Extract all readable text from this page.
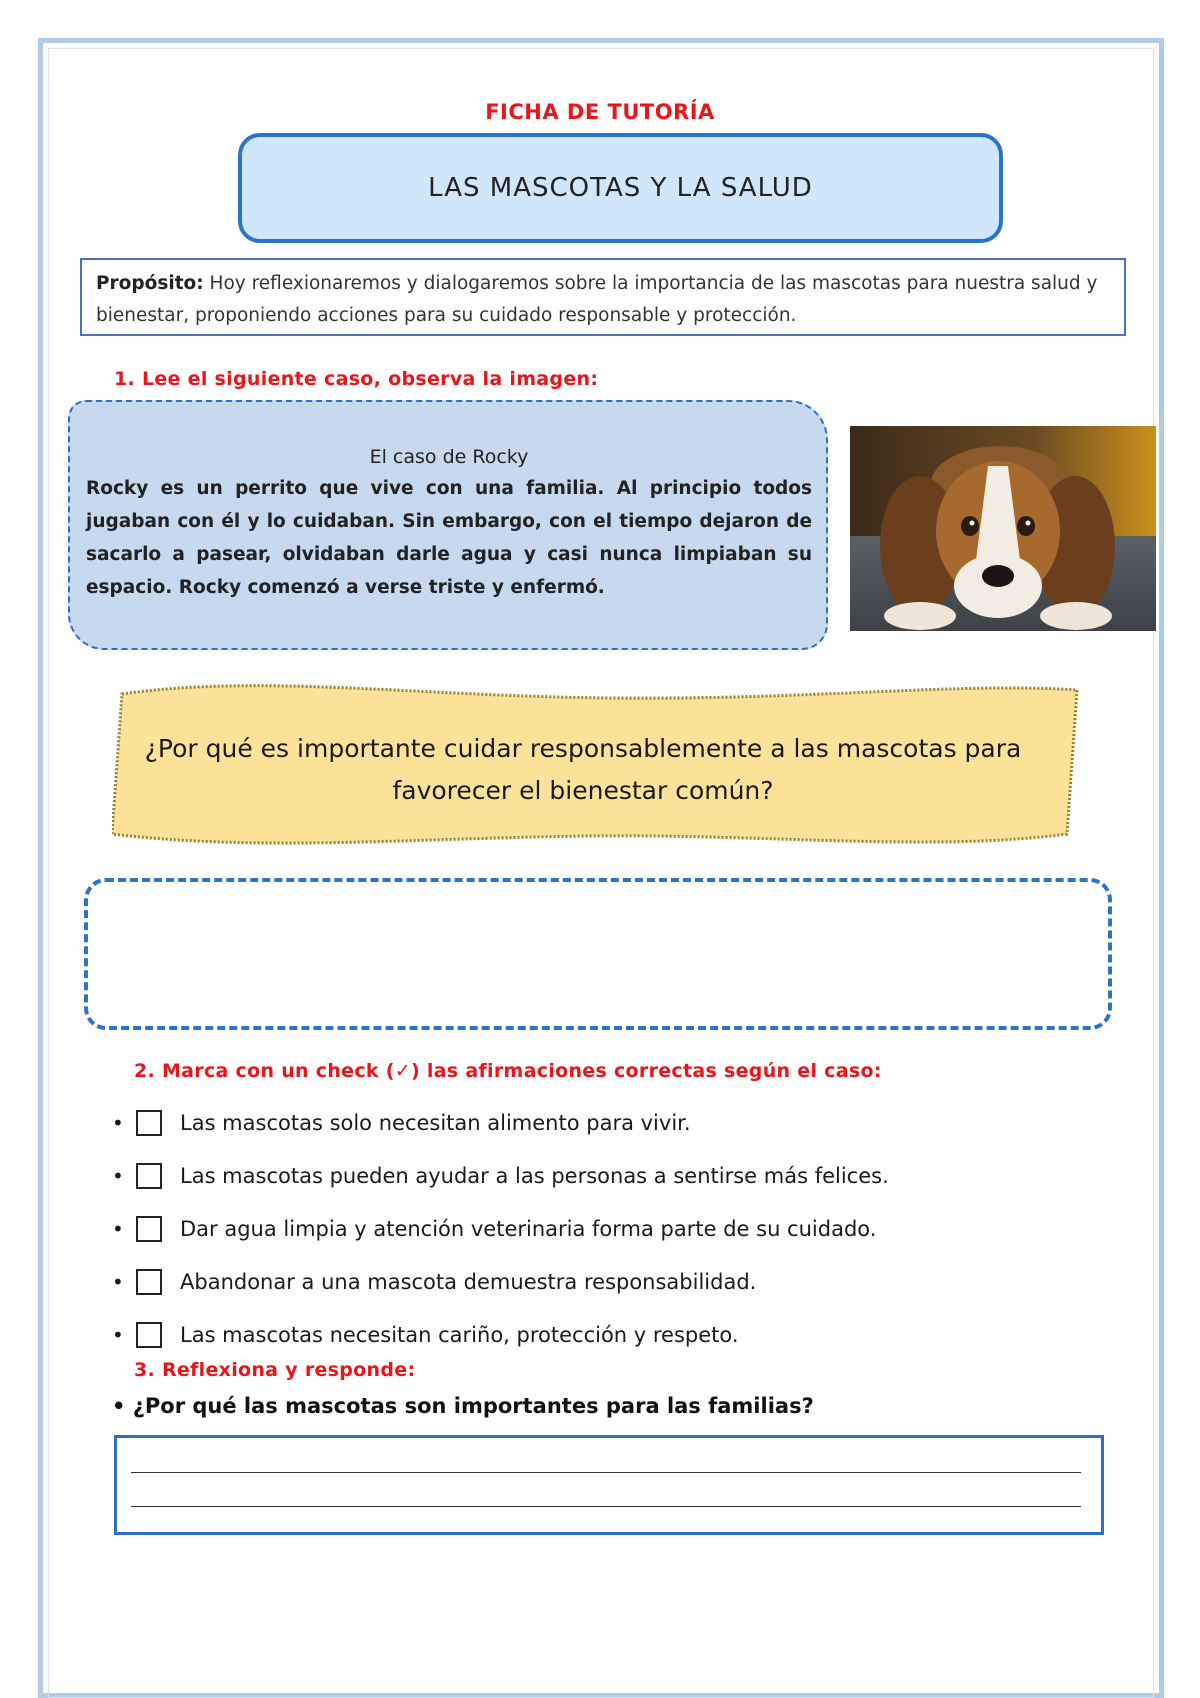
FICHA DE TUTORÍA
LAS MASCOTAS Y LA SALUD
Propósito: Hoy reflexionaremos y dialogaremos sobre la importancia de las mascotas para nuestra salud y bienestar, proponiendo acciones para su cuidado responsable y protección.
1. Lee el siguiente caso, observa la imagen:
El caso de Rocky
Rocky es un perrito que vive con una familia. Al principio todos jugaban con él y lo cuidaban. Sin embargo, con el tiempo dejaron de sacarlo a pasear, olvidaban darle agua y casi nunca limpiaban su espacio. Rocky comenzó a verse triste y enfermó.
¿Por qué es importante cuidar responsablemente a las mascotas para favorecer el bienestar común?
2. Marca con un check (✓) las afirmaciones correctas según el caso:
•	Las mascotas solo necesitan alimento para vivir.
•	Las mascotas pueden ayudar a las personas a sentirse más felices.
•	Dar agua limpia y atención veterinaria forma parte de su cuidado.
•	Abandonar a una mascota demuestra responsabilidad.
•	Las mascotas necesitan cariño, protección y respeto.
3. Reflexiona y responde:
• ¿Por qué las mascotas son importantes para las familias?
